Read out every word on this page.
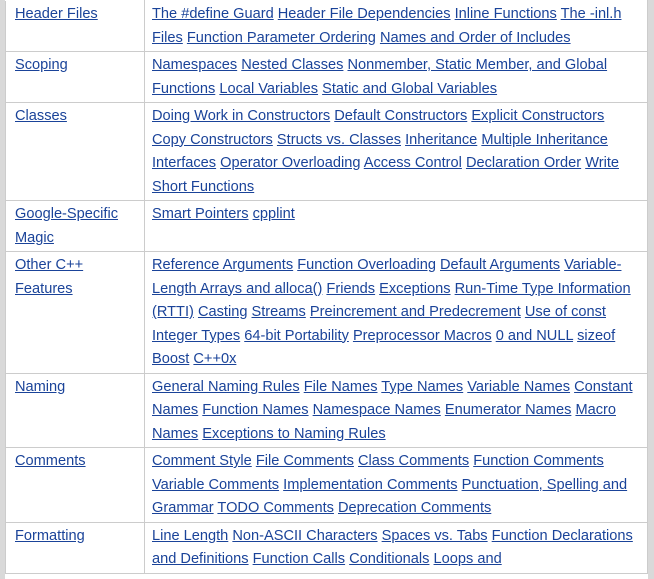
Header Files	The #define Guard Header File Dependencies Inline Functions The -inl.h Files Function Parameter Ordering Names and Order of Includes
Scoping	Namespaces Nested Classes Nonmember, Static Member, and Global Functions Local Variables Static and Global Variables
Classes	Doing Work in Constructors Default Constructors Explicit Constructors Copy Constructors Structs vs. Classes Inheritance Multiple Inheritance Interfaces Operator Overloading Access Control Declaration Order Write Short Functions
Google-Specific Magic	Smart Pointers cpplint
Other C++ Features	Reference Arguments Function Overloading Default Arguments Variable-Length Arrays and alloca() Friends Exceptions Run-Time Type Information (RTTI) Casting Streams Preincrement and Predecrement Use of const Integer Types 64-bit Portability Preprocessor Macros 0 and NULL sizeof Boost C++0x
Naming	General Naming Rules File Names Type Names Variable Names Constant Names Function Names Namespace Names Enumerator Names Macro Names Exceptions to Naming Rules
Comments	Comment Style File Comments Class Comments Function Comments Variable Comments Implementation Comments Punctuation, Spelling and Grammar TODO Comments Deprecation Comments
Formatting	Line Length Non-ASCII Characters Spaces vs. Tabs Function Declarations and Definitions Function Calls Conditionals Loops and
